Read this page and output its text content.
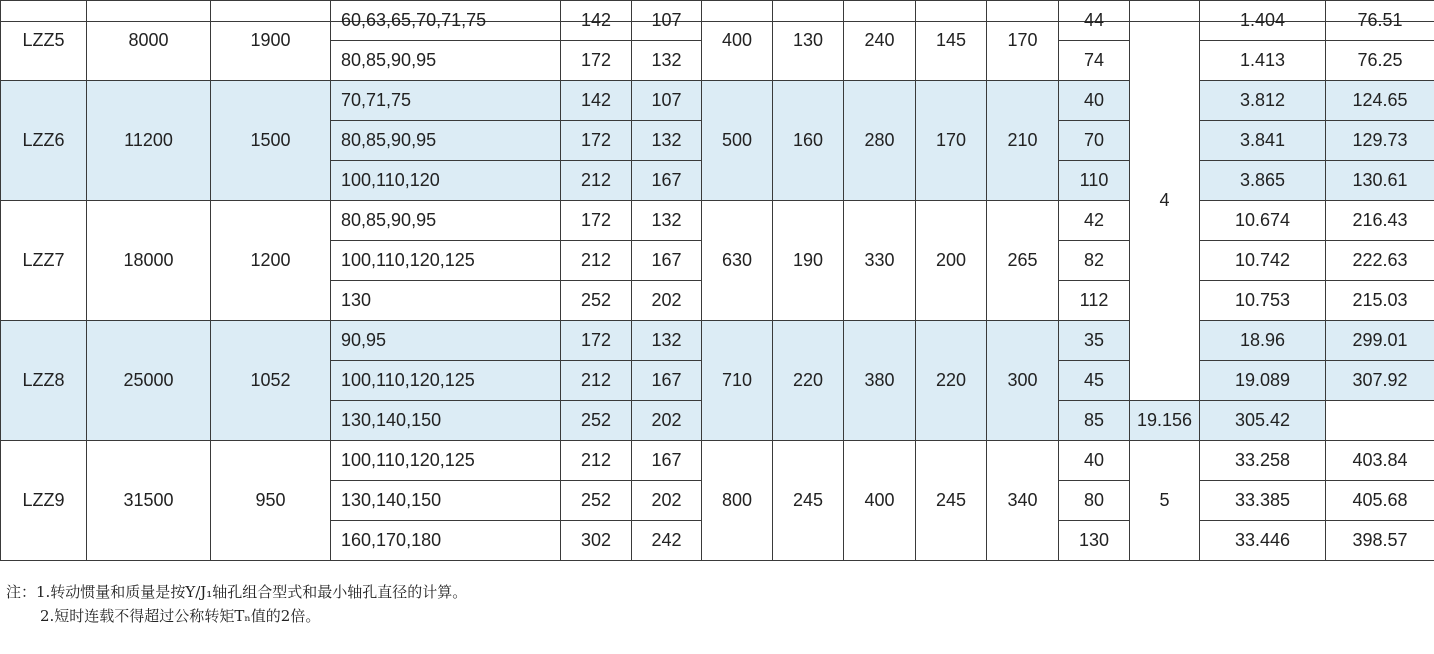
LZZ5	8000	1900	60,63,65,70,71,75	142	107	400	130	240	145	170	44	4	1.404	76.51
			80,85,90,95	172	132						74		1.413	76.25
LZZ6	11200	1500	70,71,75	142	107	500	160	280	170	210	40		3.812	124.65
			80,85,90,95	172	132						70		3.841	129.73
			100,110,120	212	167						110		3.865	130.61
LZZ7	18000	1200	80,85,90,95	172	132	630	190	330	200	265	42		10.674	216.43
			100,110,120,125	212	167						82		10.742	222.63
			130	252	202						112		10.753	215.03
LZZ8	25000	1052	90,95	172	132	710	220	380	220	300	35		18.96	299.01
			100,110,120,125	212	167						45		19.089	307.92
			130,140,150	252	202						85	19.156	305.42	
LZZ9	31500	950	100,110,120,125	212	167	800	245	400	245	340	40	5	33.258	403.84
			130,140,150	252	202						80		33.385	405.68
			160,170,180	302	242						130		33.446	398.57
注：1.转动惯量和质量是按Y/J₁轴孔组合型式和最小轴孔直径的计算。
2.短时连载不得超过公称转矩Tₙ值的2倍。
